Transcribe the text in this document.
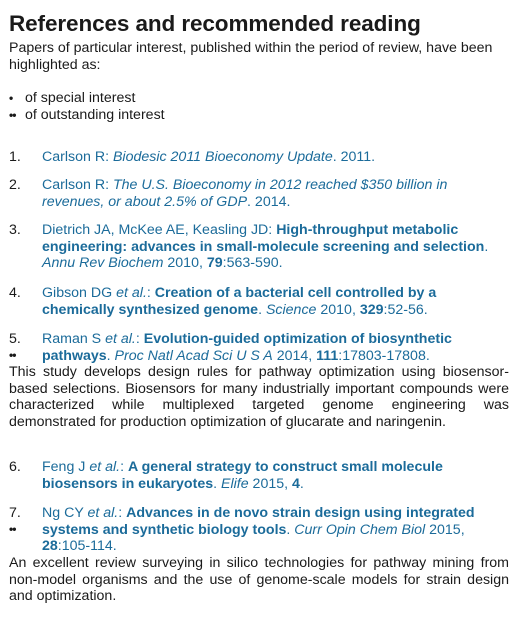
References and recommended reading
Papers of particular interest, published within the period of review, have been highlighted as:
• of special interest
•• of outstanding interest
1. Carlson R: Biodesic 2011 Bioeconomy Update. 2011.
2. Carlson R: The U.S. Bioeconomy in 2012 reached $350 billion in revenues, or about 2.5% of GDP. 2014.
3. Dietrich JA, McKee AE, Keasling JD: High-throughput metabolic engineering: advances in small-molecule screening and selection. Annu Rev Biochem 2010, 79:563-590.
4. Gibson DG et al.: Creation of a bacterial cell controlled by a chemically synthesized genome. Science 2010, 329:52-56.
5.
••
Raman S et al.: Evolution-guided optimization of biosynthetic pathways. Proc Natl Acad Sci U S A 2014, 111:17803-17808.
This study develops design rules for pathway optimization using biosensor-based selections. Biosensors for many industrially important compounds were characterized while multiplexed targeted genome engineering was demonstrated for production optimization of glucarate and naringenin.
6. Feng J et al.: A general strategy to construct small molecule biosensors in eukaryotes. Elife 2015, 4.
7.
••
Ng CY et al.: Advances in de novo strain design using integrated systems and synthetic biology tools. Curr Opin Chem Biol 2015, 28:105-114.
An excellent review surveying in silico technologies for pathway mining from non-model organisms and the use of genome-scale models for strain design and optimization.
